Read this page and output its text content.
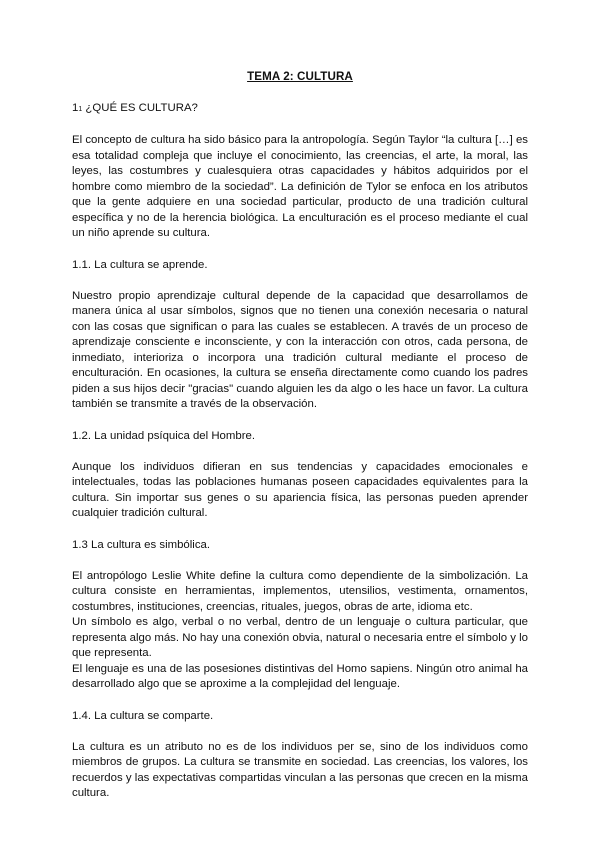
TEMA 2: CULTURA
11 ¿QUÉ ES CULTURA?

El concepto de cultura ha sido básico para la antropología. Según Taylor “la cultura […] es esa totalidad compleja que incluye el conocimiento, las creencias, el arte, la moral, las leyes, las costumbres y cualesquiera otras capacidades y hábitos adquiridos por el hombre como miembro de la sociedad”. La definición de Tylor se enfoca en los atributos que la gente adquiere en una sociedad particular, producto de una tradición cultural específica y no de la herencia biológica. La enculturación es el proceso mediante el cual un niño aprende su cultura.

1.1. La cultura se aprende.

Nuestro propio aprendizaje cultural depende de la capacidad que desarrollamos de manera única al usar símbolos, signos que no tienen una conexión necesaria o natural con las cosas que significan o para las cuales se establecen. A través de un proceso de aprendizaje consciente e inconsciente, y con la interacción con otros, cada persona, de inmediato, interioriza o incorpora una tradición cultural mediante el proceso de enculturación. En ocasiones, la cultura se enseña directamente como cuando los padres piden a sus hijos decir "gracias" cuando alguien les da algo o les hace un favor. La cultura también se transmite a través de la observación.

1.2. La unidad psíquica del Hombre.

Aunque los individuos difieran en sus tendencias y capacidades emocionales e intelectuales, todas las poblaciones humanas poseen capacidades equivalentes para la cultura. Sin importar sus genes o su apariencia física, las personas pueden aprender cualquier tradición cultural.

1.3 La cultura es simbólica.

El antropólogo Leslie White define la cultura como dependiente de la simbolización. La cultura consiste en herramientas, implementos, utensilios, vestimenta, ornamentos, costumbres, instituciones, creencias, rituales, juegos, obras de arte, idioma etc.

Un símbolo es algo, verbal o no verbal, dentro de un lenguaje o cultura particular, que representa algo más. No hay una conexión obvia, natural o necesaria entre el símbolo y lo que representa.

El lenguaje es una de las posesiones distintivas del Homo sapiens. Ningún otro animal ha desarrollado algo que se aproxime a la complejidad del lenguaje.

1.4. La cultura se comparte.

La cultura es un atributo no es de los individuos per se, sino de los individuos como miembros de grupos. La cultura se transmite en sociedad. Las creencias, los valores, los recuerdos y las expectativas compartidas vinculan a las personas que crecen en la misma cultura.
